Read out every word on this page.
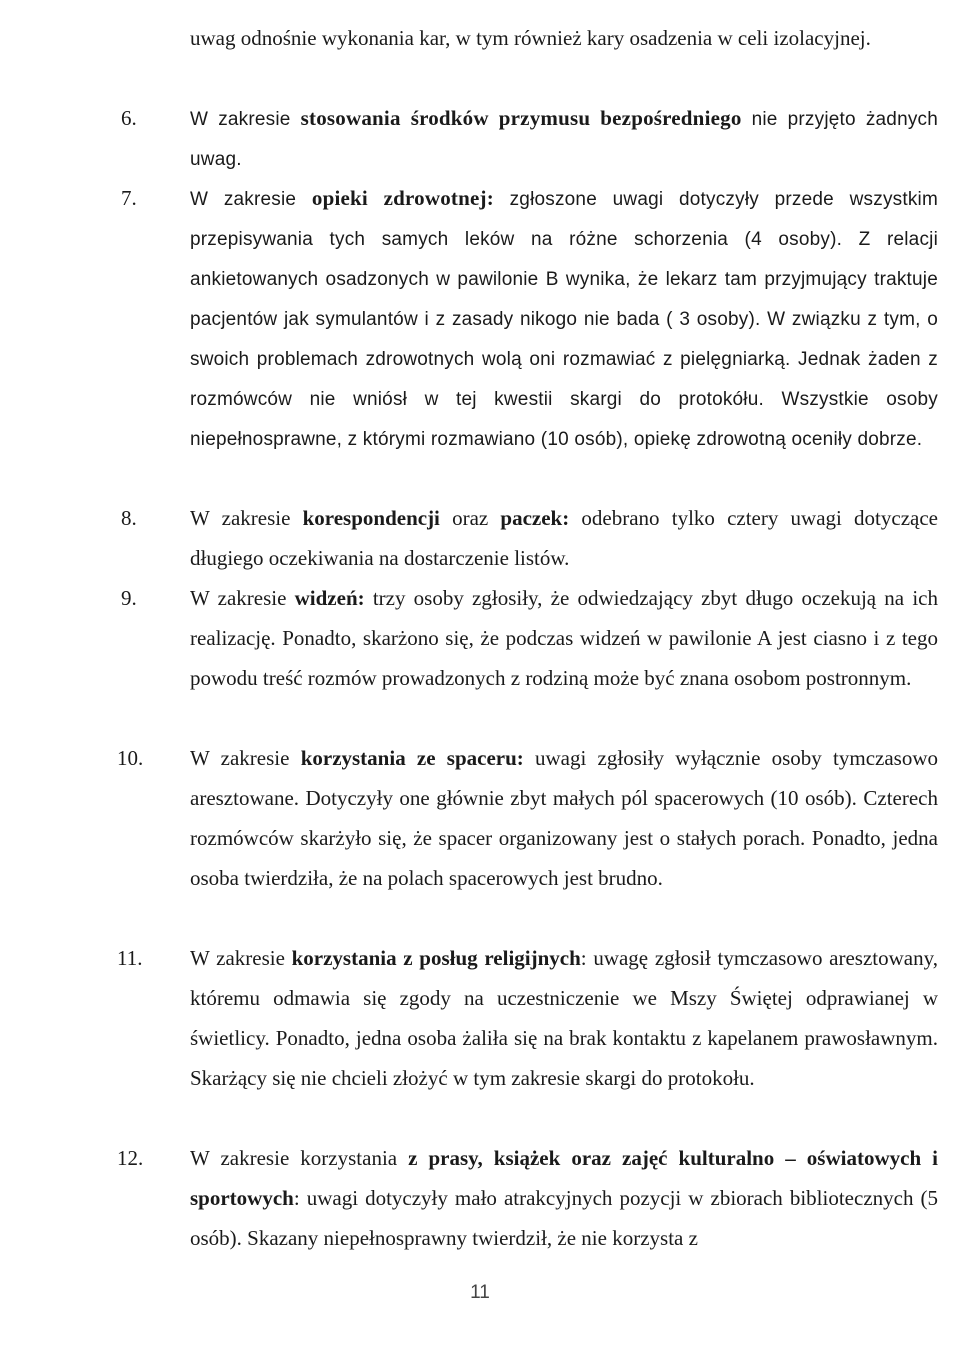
uwag odnośnie wykonania kar, w tym również kary osadzenia w celi izolacyjnej.

6.	W zakresie stosowania środków przymusu bezpośredniego nie przyjęto żadnych uwag.

7.	W zakresie opieki zdrowotnej: zgłoszone uwagi dotyczyły przede wszystkim przepisywania tych samych leków na różne schorzenia (4 osoby). Z relacji ankietowanych osadzonych w pawilonie B wynika, że lekarz tam przyjmujący traktuje pacjentów jak symulantów i z zasady nikogo nie bada ( 3 osoby). W związku z tym, o swoich problemach zdrowotnych wolą oni rozmawiać z pielęgniarką. Jednak żaden z rozmówców nie wniósł w tej kwestii skargi do protokółu. Wszystkie osoby niepełnosprawne, z którymi rozmawiano (10 osób), opiekę zdrowotną oceniły dobrze.

8.	W zakresie korespondencji oraz paczek: odebrano tylko cztery uwagi dotyczące długiego oczekiwania na dostarczenie listów.

9.	W zakresie widzeń: trzy osoby zgłosiły, że odwiedzający zbyt długo oczekują na ich realizację. Ponadto, skarżono się, że podczas widzeń w pawilonie A jest ciasno i z tego powodu treść rozmów prowadzonych z rodziną może być znana osobom postronnym.

10. W zakresie korzystania ze spaceru: uwagi zgłosiły wyłącznie osoby tymczasowo aresztowane. Dotyczyły one głównie zbyt małych pól spacerowych (10 osób). Czterech rozmówców skarżyło się, że spacer organizowany jest o stałych porach. Ponadto, jedna osoba twierdziła, że na polach spacerowych jest brudno.

11. W zakresie korzystania z posług religijnych: uwagę zgłosił tymczasowo aresztowany, któremu odmawia się zgody na uczestniczenie we Mszy Świętej odprawianej w świetlicy. Ponadto, jedna osoba żaliła się na brak kontaktu z kapelanem prawosławnym. Skarżący się nie chcieli złożyć w tym zakresie skargi do protokołu.

12. W zakresie korzystania z prasy, książek oraz zajęć kulturalno – oświatowych i sportowych: uwagi dotyczyły mało atrakcyjnych pozycji w zbiorach bibliotecznych (5 osób). Skazany niepełnosprawny twierdził, że nie korzysta z

11
